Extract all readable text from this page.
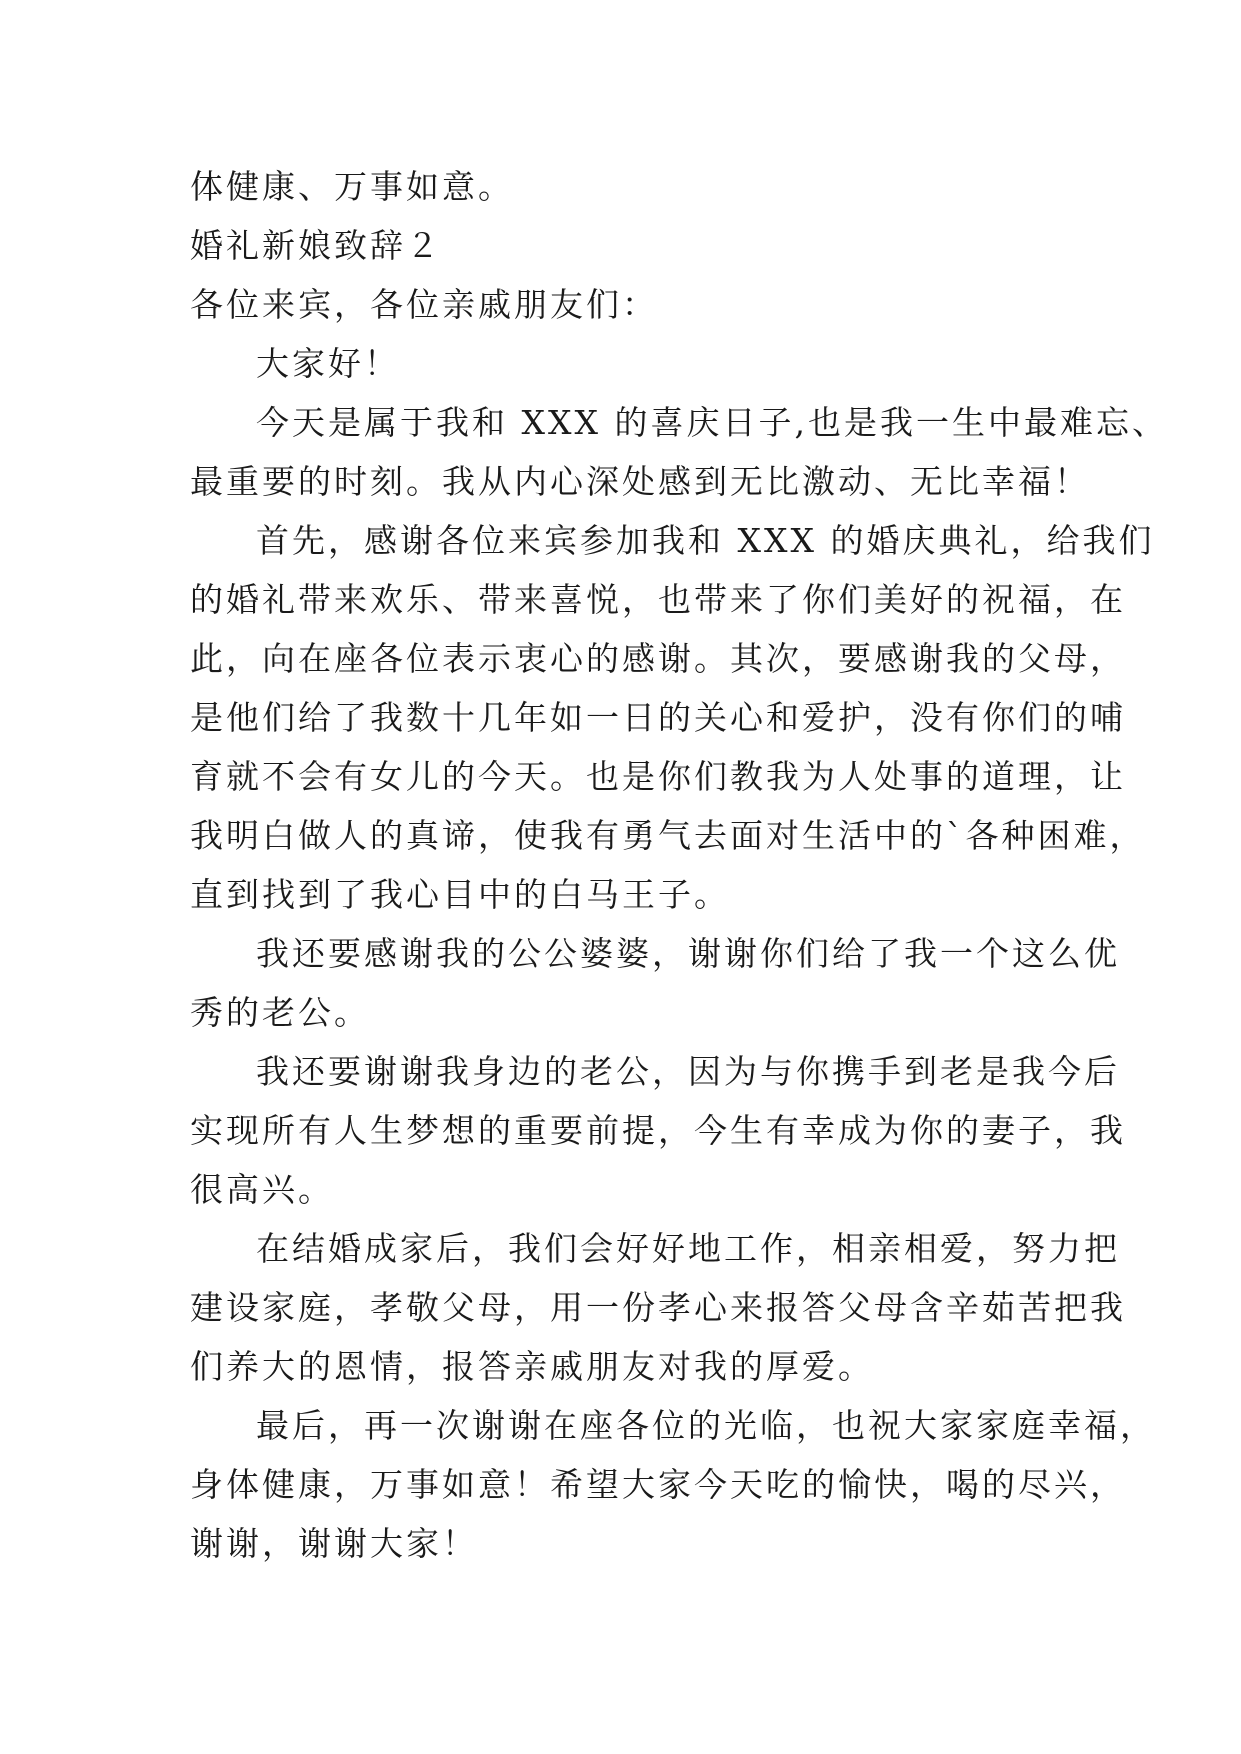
体健康、万事如意。
婚礼新娘致辞２
各位来宾，各位亲戚朋友们：
大家好！
今天是属于我和 XXX 的喜庆日子,也是我一生中最难忘、
最重要的时刻。我从内心深处感到无比激动、无比幸福！
首先，感谢各位来宾参加我和 XXX 的婚庆典礼，给我们
的婚礼带来欢乐、带来喜悦，也带来了你们美好的祝福，在
此，向在座各位表示衷心的感谢。其次，要感谢我的父母，
是他们给了我数十几年如一日的关心和爱护，没有你们的哺
育就不会有女儿的今天。也是你们教我为人处事的道理，让
我明白做人的真谛，使我有勇气去面对生活中的`各种困难，
直到找到了我心目中的白马王子。
我还要感谢我的公公婆婆，谢谢你们给了我一个这么优
秀的老公。
我还要谢谢我身边的老公，因为与你携手到老是我今后
实现所有人生梦想的重要前提，今生有幸成为你的妻子，我
很高兴。
在结婚成家后，我们会好好地工作，相亲相爱，努力把
建设家庭，孝敬父母，用一份孝心来报答父母含辛茹苦把我
们养大的恩情，报答亲戚朋友对我的厚爱。
最后，再一次谢谢在座各位的光临，也祝大家家庭幸福，
身体健康，万事如意！希望大家今天吃的愉快，喝的尽兴，
谢谢，谢谢大家！
